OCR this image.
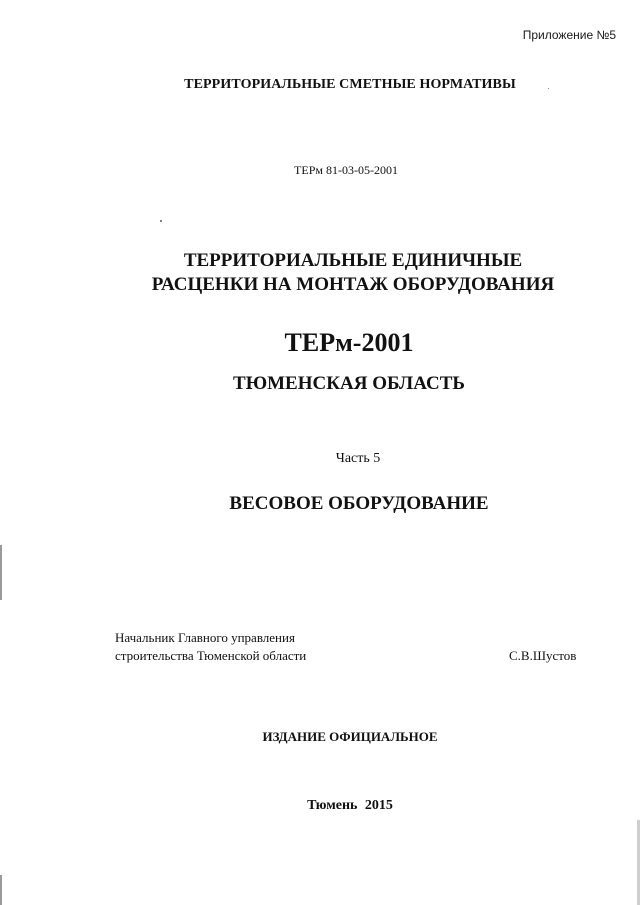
Приложение №5
ТЕРРИТОРИАЛЬНЫЕ СМЕТНЫЕ НОРМАТИВЫ
ТЕРм 81-03-05-2001
ТЕРРИТОРИАЛЬНЫЕ ЕДИНИЧНЫЕ
РАСЦЕНКИ НА МОНТАЖ ОБОРУДОВАНИЯ
ТЕРм-2001
ТЮМЕНСКАЯ ОБЛАСТЬ
Часть 5
ВЕСОВОЕ ОБОРУДОВАНИЕ
Начальник Главного управления
строительства Тюменской области	С.В.Шустов
ИЗДАНИЕ ОФИЦИАЛЬНОЕ
Тюмень 2015
